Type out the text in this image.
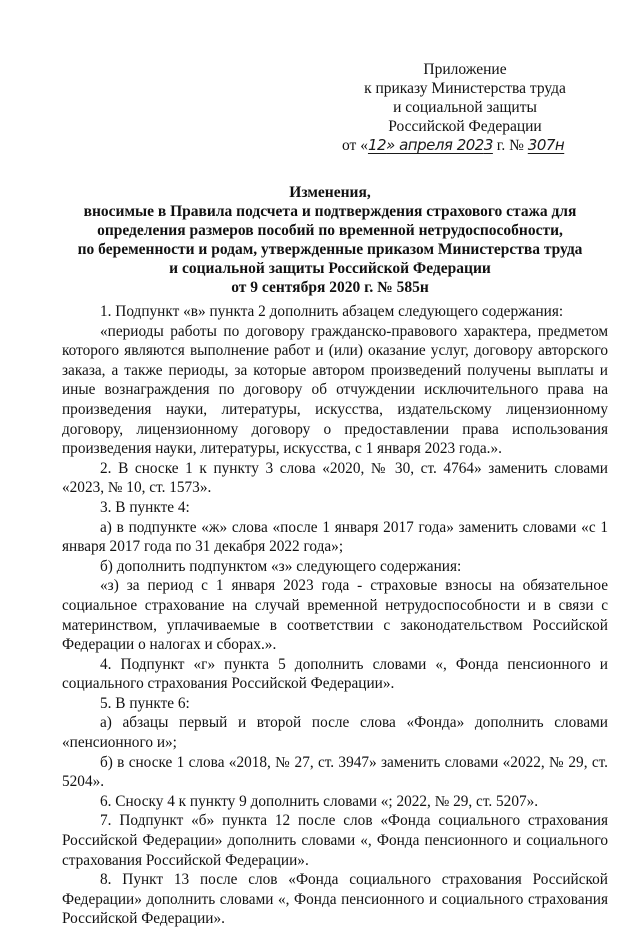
Приложение
к приказу Министерства труда
и социальной защиты
Российской Федерации
от «12» апреля 2023 г. № 307н
Изменения,
вносимые в Правила подсчета и подтверждения страхового стажа для
определения размеров пособий по временной нетрудоспособности,
по беременности и родам, утвержденные приказом Министерства труда
и социальной защиты Российской Федерации
от 9 сентября 2020 г. № 585н

1. Подпункт «в» пункта 2 дополнить абзацем следующего содержания:

«периоды работы по договору гражданско-правового характера, предметом которого являются выполнение работ и (или) оказание услуг, договору авторского заказа, а также периоды, за которые автором произведений получены выплаты и иные вознаграждения по договору об отчуждении исключительного права на произведения науки, литературы, искусства, издательскому лицензионному договору, лицензионному договору о предоставлении права использования произведения науки, литературы, искусства, с 1 января 2023 года.».

2. В сноске 1 к пункту 3 слова «2020, № 30, ст. 4764» заменить словами «2023, № 10, ст. 1573».

3. В пункте 4:

а) в подпункте «ж» слова «после 1 января 2017 года» заменить словами «с 1 января 2017 года по 31 декабря 2022 года»;

б) дополнить подпунктом «з» следующего содержания:

«з) за период с 1 января 2023 года - страховые взносы на обязательное социальное страхование на случай временной нетрудоспособности и в связи с материнством, уплачиваемые в соответствии с законодательством Российской Федерации о налогах и сборах.».

4. Подпункт «г» пункта 5 дополнить словами «, Фонда пенсионного и социального страхования Российской Федерации».

5. В пункте 6:

а) абзацы первый и второй после слова «Фонда» дополнить словами «пенсионного и»;

б) в сноске 1 слова «2018, № 27, ст. 3947» заменить словами «2022, № 29, ст. 5204».

6. Сноску 4 к пункту 9 дополнить словами «; 2022, № 29, ст. 5207».

7. Подпункт «б» пункта 12 после слов «Фонда социального страхования Российской Федерации» дополнить словами «, Фонда пенсионного и социального страхования Российской Федерации».

8. Пункт 13 после слов «Фонда социального страхования Российской Федерации» дополнить словами «, Фонда пенсионного и социального страхования Российской Федерации».
